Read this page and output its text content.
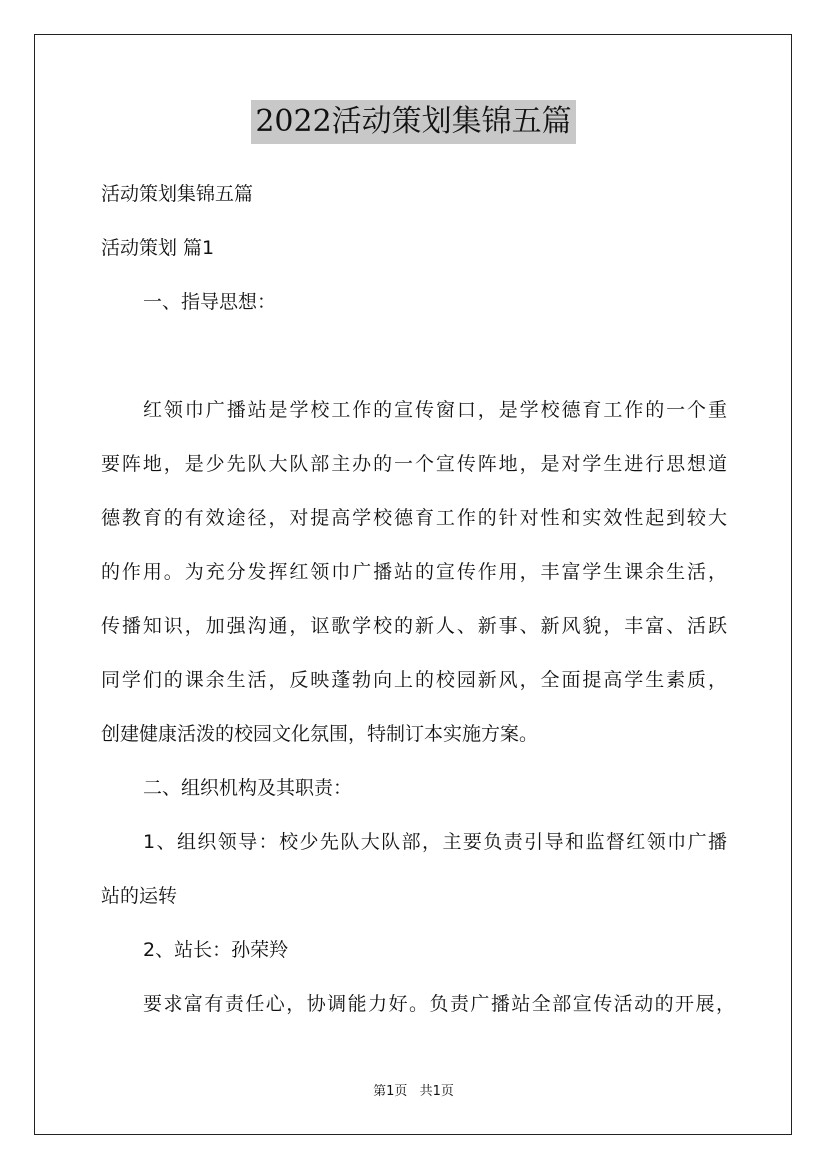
2022活动策划集锦五篇
活动策划集锦五篇
活动策划 篇1
一、指导思想：
红领巾广播站是学校工作的宣传窗口，是学校德育工作的一个重
要阵地，是少先队大队部主办的一个宣传阵地，是对学生进行思想道
德教育的有效途径，对提高学校德育工作的针对性和实效性起到较大
的作用。为充分发挥红领巾广播站的宣传作用，丰富学生课余生活，
传播知识，加强沟通，讴歌学校的新人、新事、新风貌，丰富、活跃
同学们的课余生活，反映蓬勃向上的校园新风，全面提高学生素质，
创建健康活泼的校园文化氛围，特制订本实施方案。
二、组织机构及其职责：
1、组织领导：校少先队大队部，主要负责引导和监督红领巾广播
站的运转
2、站长：孙荣羚
要求富有责任心，协调能力好。负责广播站全部宣传活动的开展，
第1页 共1页
